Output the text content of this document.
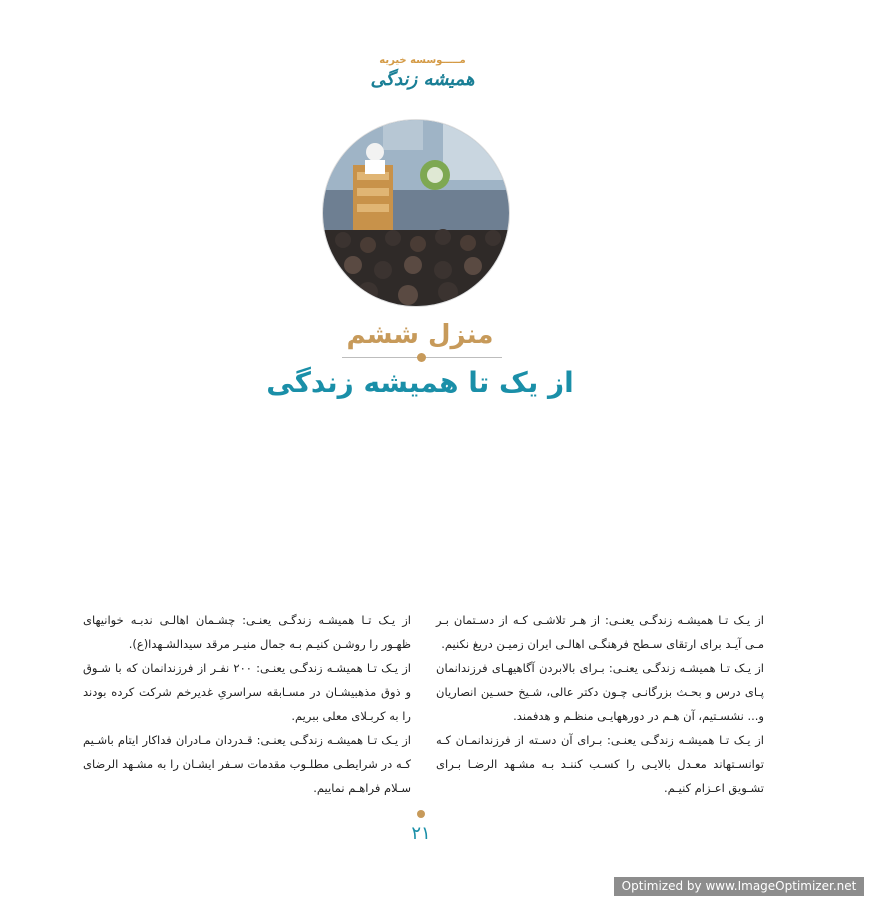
مـــــوسسه خیریه
همیشه زندگی
منزل ششم
از یک تا همیشه زندگی

از یـک تـا همیشـه زندگـی یعنـی: از هـر تلاشـی کـه از دسـتمان بـر مـی آیـد برای ارتقای سـطح فرهنگـی اهالـی ایران زمیـن دریغ نکنیم.

از یـک تـا همیشـه زندگـی یعنـی: بـرای بالابردن آگاهیهـای فرزندانمان پـای درس و بحـث بزرگانـی چـون دکتر عالی، شـیخ حسـین انصاریان و... نشسـتیم، آن هـم در دورههایـی منظـم و هدفمند.

از یـک تـا همیشـه زندگـی یعنـی: بـرای آن دسـته از فرزندانمـان کـه توانسـتهاند معـدل بالایـی را کسـب کننـد بـه مشـهد الرضـا بـرای تشـویق اعـزام کنیـم.

از یـک تـا همیشـه زندگـی یعنـی: چشـمان اهالـی ندبـه خوانیهای ظهـور را روشـن کنیـم بـه جمال منیـر مرقد سیدالشـهدا(ع).

از یـک تـا همیشـه زندگـی یعنـی: ۲۰۰ نفـر از فرزندانمان که با شـوق و ذوق مذهبیشـان در مسـابقه سراسریِ غدیرخم شرکت کرده بودند را به کربـلای معلی ببریم.

از یـک تـا همیشـه زندگـی یعنـی: قـدردان مـادران فداکار ایتام باشـیم کـه در شرایطـی مطلـوب مقدمات سـفر ایشـان را به مشـهد الرضای سـلام فراهـم نماییم.

۲۱
Optimized by www.ImageOptimizer.net
